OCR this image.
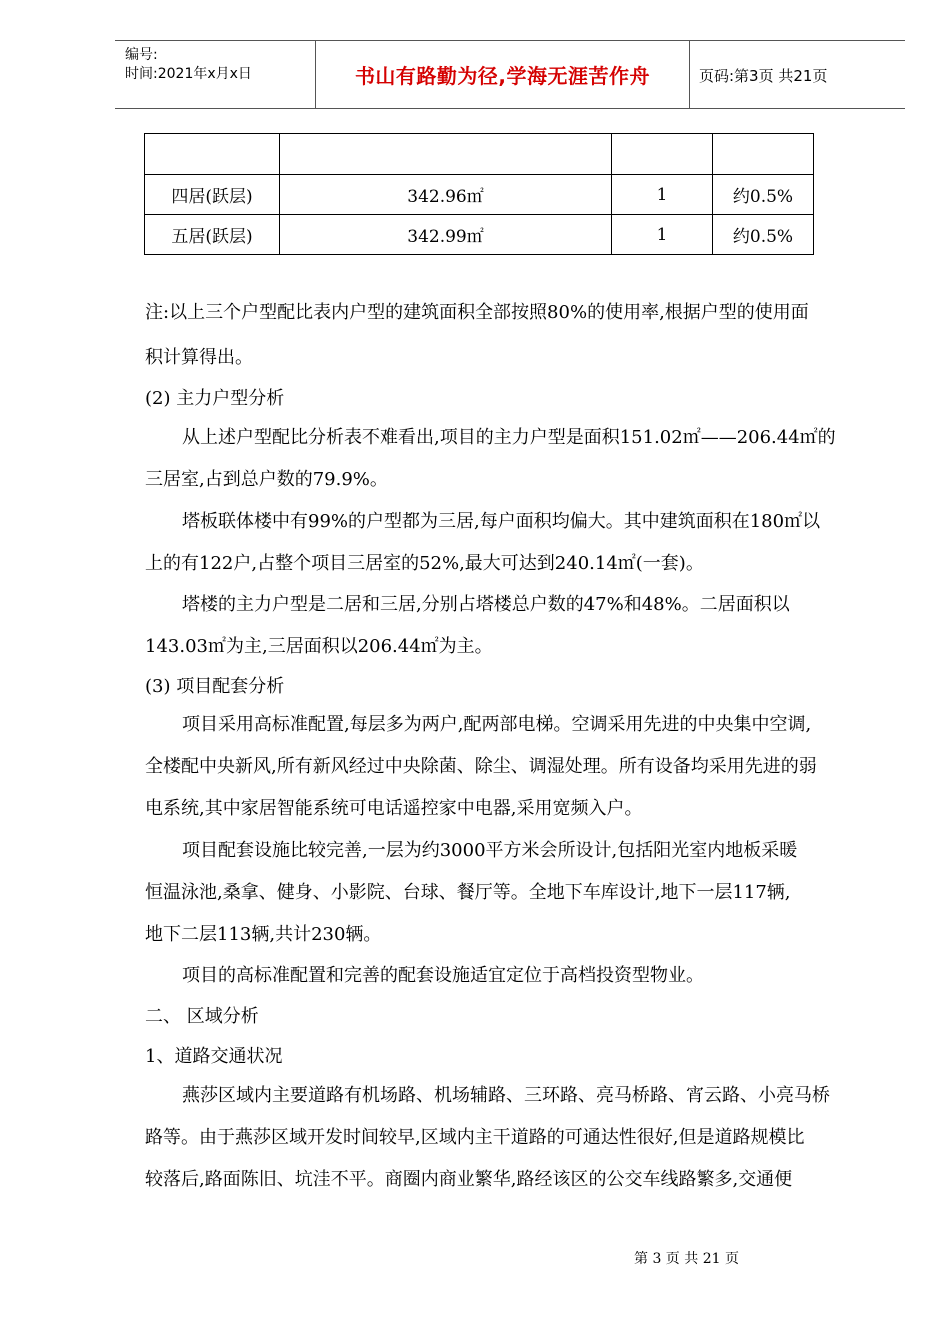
编号:
时间:2021年x月x日	书山有路勤为径,学海无涯苦作舟	页码:第3页 共21页

四居(跃层)	342.96㎡	1	约0.5%
五居(跃层)	342.99㎡	1	约0.5%
注:以上三个户型配比表内户型的建筑面积全部按照80%的使用率,根据户型的使用面
积计算得出。
(2) 主力户型分析
从上述户型配比分析表不难看出,项目的主力户型是面积151.02㎡——206.44㎡的
三居室,占到总户数的79.9%。
塔板联体楼中有99%的户型都为三居,每户面积均偏大。其中建筑面积在180㎡以
上的有122户,占整个项目三居室的52%,最大可达到240.14㎡(一套)。
塔楼的主力户型是二居和三居,分别占塔楼总户数的47%和48%。二居面积以
143.03㎡为主,三居面积以206.44㎡为主。
(3) 项目配套分析
项目采用高标准配置,每层多为两户,配两部电梯。空调采用先进的中央集中空调,
全楼配中央新风,所有新风经过中央除菌、除尘、调湿处理。所有设备均采用先进的弱
电系统,其中家居智能系统可电话遥控家中电器,采用宽频入户。
项目配套设施比较完善,一层为约3000平方米会所设计,包括阳光室内地板采暖
恒温泳池,桑拿、健身、小影院、台球、餐厅等。全地下车库设计,地下一层117辆,
地下二层113辆,共计230辆。
项目的高标准配置和完善的配套设施适宜定位于高档投资型物业。
二、 区域分析
1、道路交通状况
燕莎区域内主要道路有机场路、机场辅路、三环路、亮马桥路、宵云路、小亮马桥
路等。由于燕莎区域开发时间较早,区域内主干道路的可通达性很好,但是道路规模比
较落后,路面陈旧、坑洼不平。商圈内商业繁华,路经该区的公交车线路繁多,交通便
第 3 页 共 21 页
